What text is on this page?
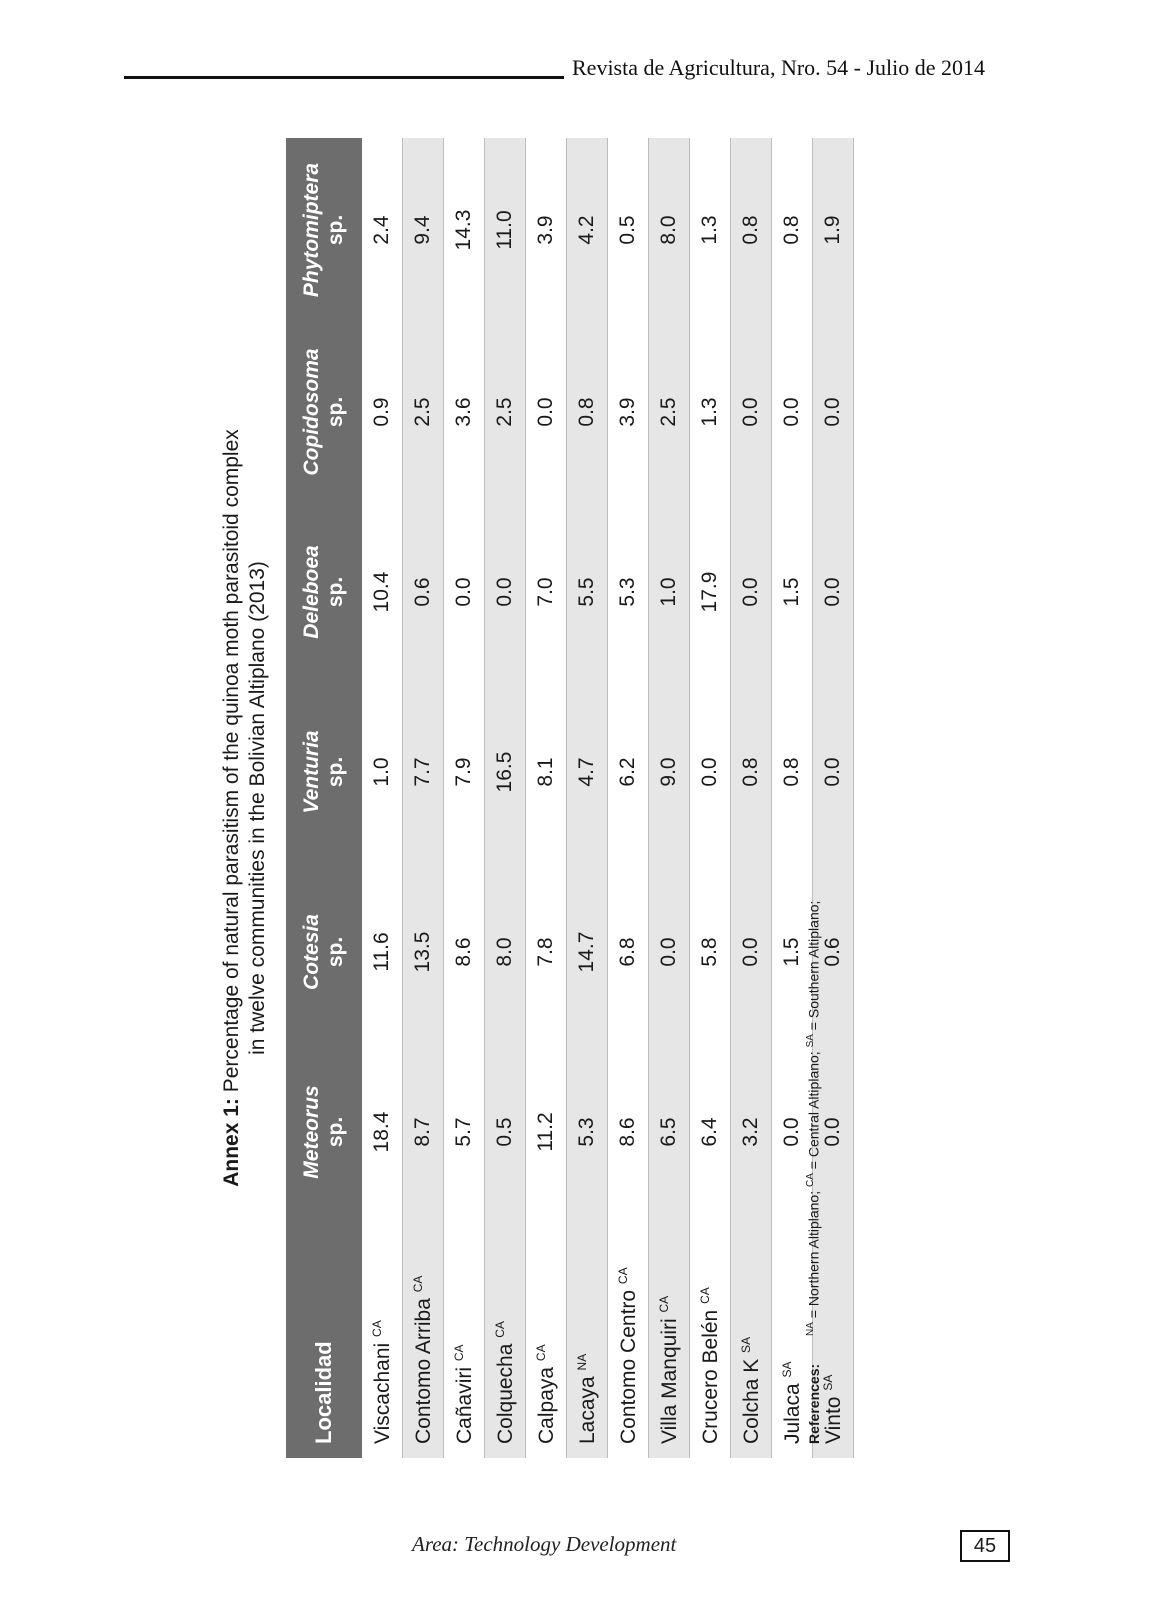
Revista de Agricultura, Nro. 54 - Julio de 2014
Annex 1: Percentage of natural parasitism of the quinoa moth parasitoid complex in twelve communities in the Bolivian Altiplano (2013)
Localidad	Meteorus sp.	Cotesia sp.	Venturia sp.	Deleboea sp.	Copidosoma sp.	Phytomiptera sp.

Viscachani $^{CA}$	18.4	11.6	1.0	10.4	0.9	2.4
Contomo Arriba $^{CA}$	8.7	13.5	7.7	0.6	2.5	9.4
Cañaviri $^{CA}$	5.7	8.6	7.9	0.0	3.6	14.3
Colquecha $^{CA}$	0.5	8.0	16.5	0.0	2.5	11.0
Calpaya $^{CA}$	11.2	7.8	8.1	7.0	0.0	3.9
Lacaya $^{NA}$	5.3	14.7	4.7	5.5	0.8	4.2
Contomo Centro $^{CA}$	8.6	6.8	6.2	5.3	3.9	0.5
Villa Manquiri $^{CA}$	6.5	0.0	9.0	1.0	2.5	8.0
Crucero Belén $^{CA}$	6.4	5.8	0.0	17.9	1.3	1.3
Colcha K $^{SA}$	3.2	0.0	0.8	0.0	0.0	0.8
Julaca $^{SA}$	0.0	1.5	0.8	1.5	0.0	0.8
Vinto $^{SA}$	0.0	0.6	0.0	0.0	0.0	1.9
References: $^{NA}$ = Northern Altiplano; $^{CA}$ = Central Altiplano; $^{SA}$ = Southern Altiplano;
Area: Technology Development	45
